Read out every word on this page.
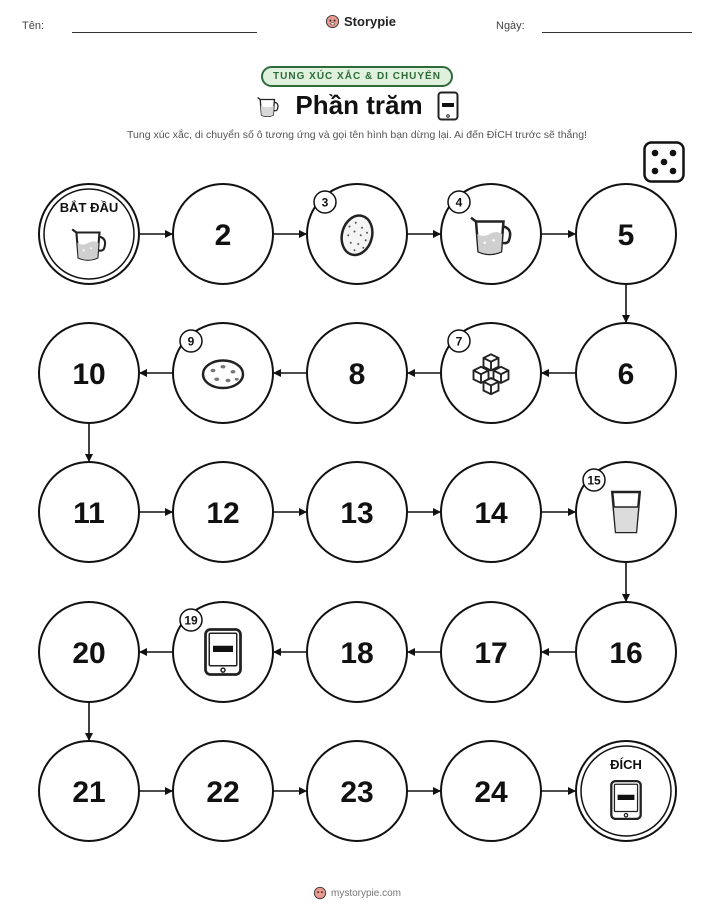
Tên:	Storypie	Ngày:
TUNG XÚC XẮC & DI CHUYỂN
Phần trăm
Tung xúc xắc, di chuyển số ô tương ứng và gọi tên hình bạn dừng lại. Ai đến ĐÍCH trước sẽ thắng!
BẮT ĐẦU
2
3	4
5
6
7
8
9
10
11	12	13	14
15
16
17
18
19
20
21	22	23	24
ĐÍCH
mystorypie.com
